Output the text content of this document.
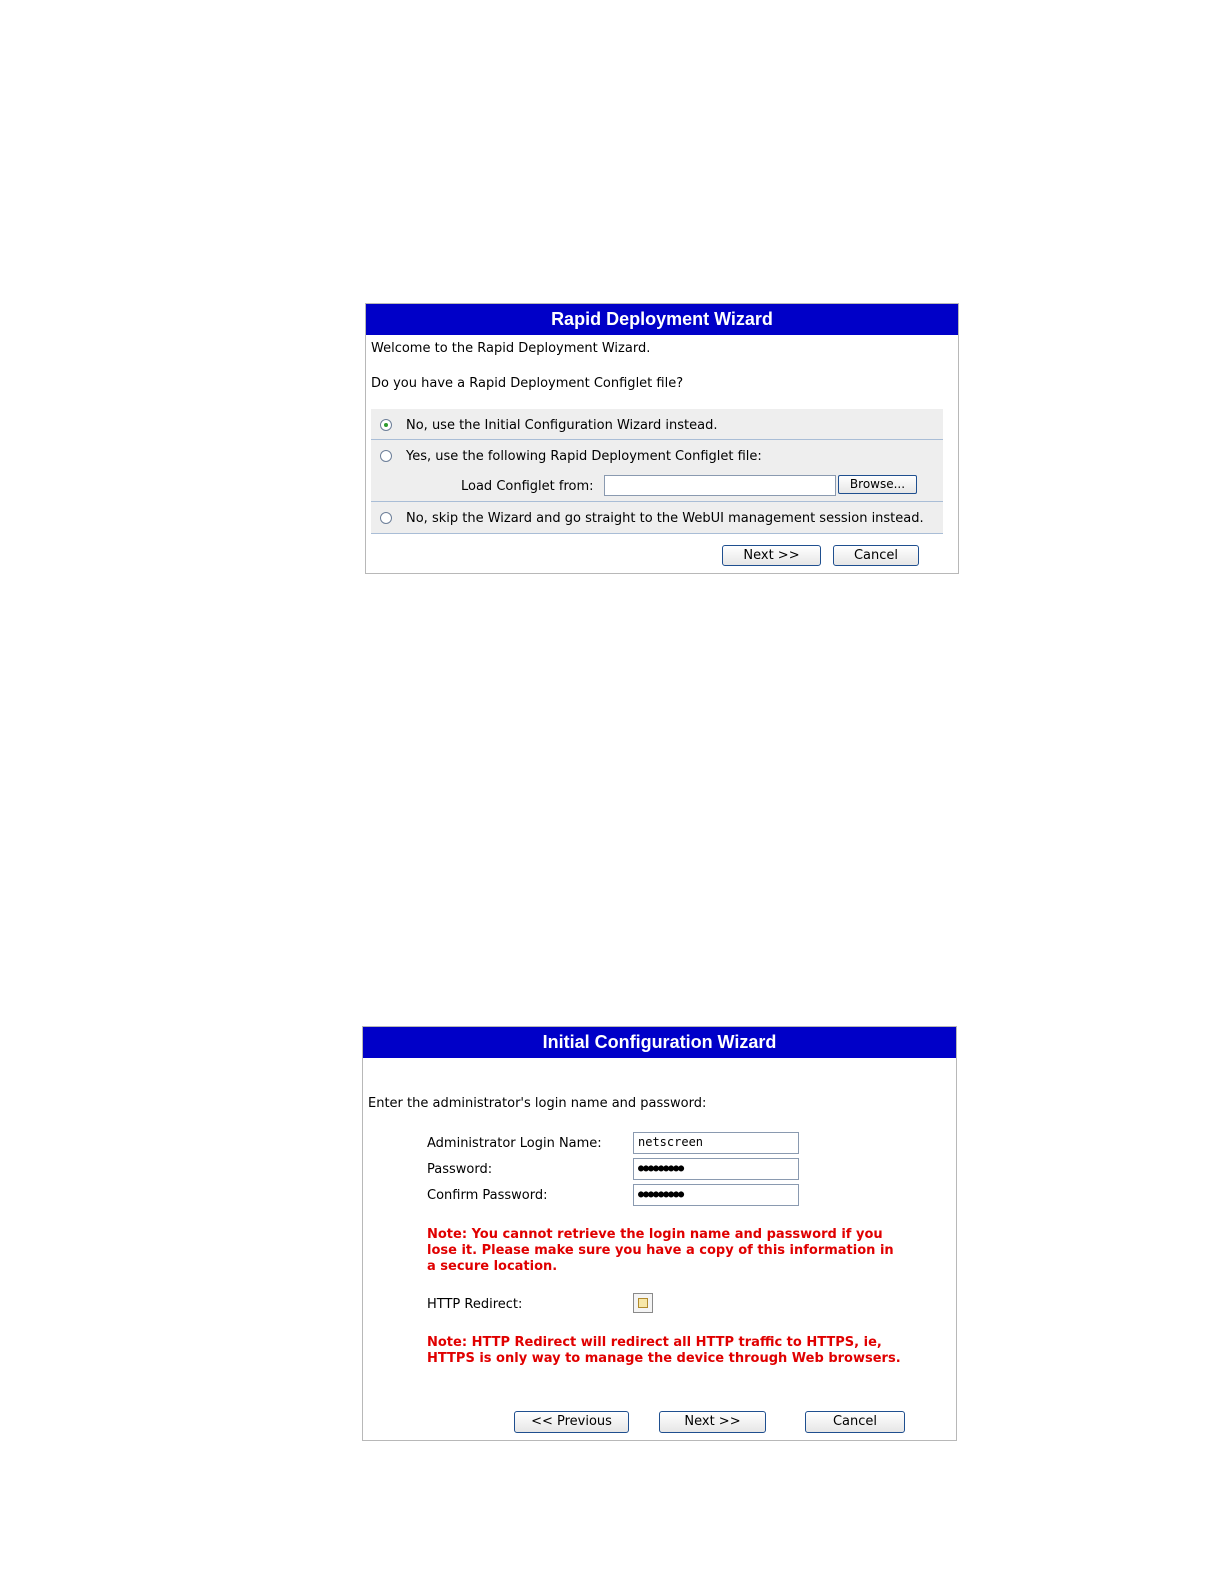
Rapid Deployment Wizard
Welcome to the Rapid Deployment Wizard.
Do you have a Rapid Deployment Configlet file?
No, use the Initial Configuration Wizard instead.
Yes, use the following Rapid Deployment Configlet file:
Load Configlet from:	Browse...
No, skip the Wizard and go straight to the WebUI management session instead.
Next >>	Cancel
Initial Configuration Wizard
Enter the administrator's login name and password:
Administrator Login Name:	netscreen
Password:	●●●●●●●●●
Confirm Password:	●●●●●●●●●
Note: You cannot retrieve the login name and password if you
lose it. Please make sure you have a copy of this information in
a secure location.
HTTP Redirect:
Note: HTTP Redirect will redirect all HTTP traffic to HTTPS, ie,
HTTPS is only way to manage the device through Web browsers.
<< Previous	Next >>	Cancel
